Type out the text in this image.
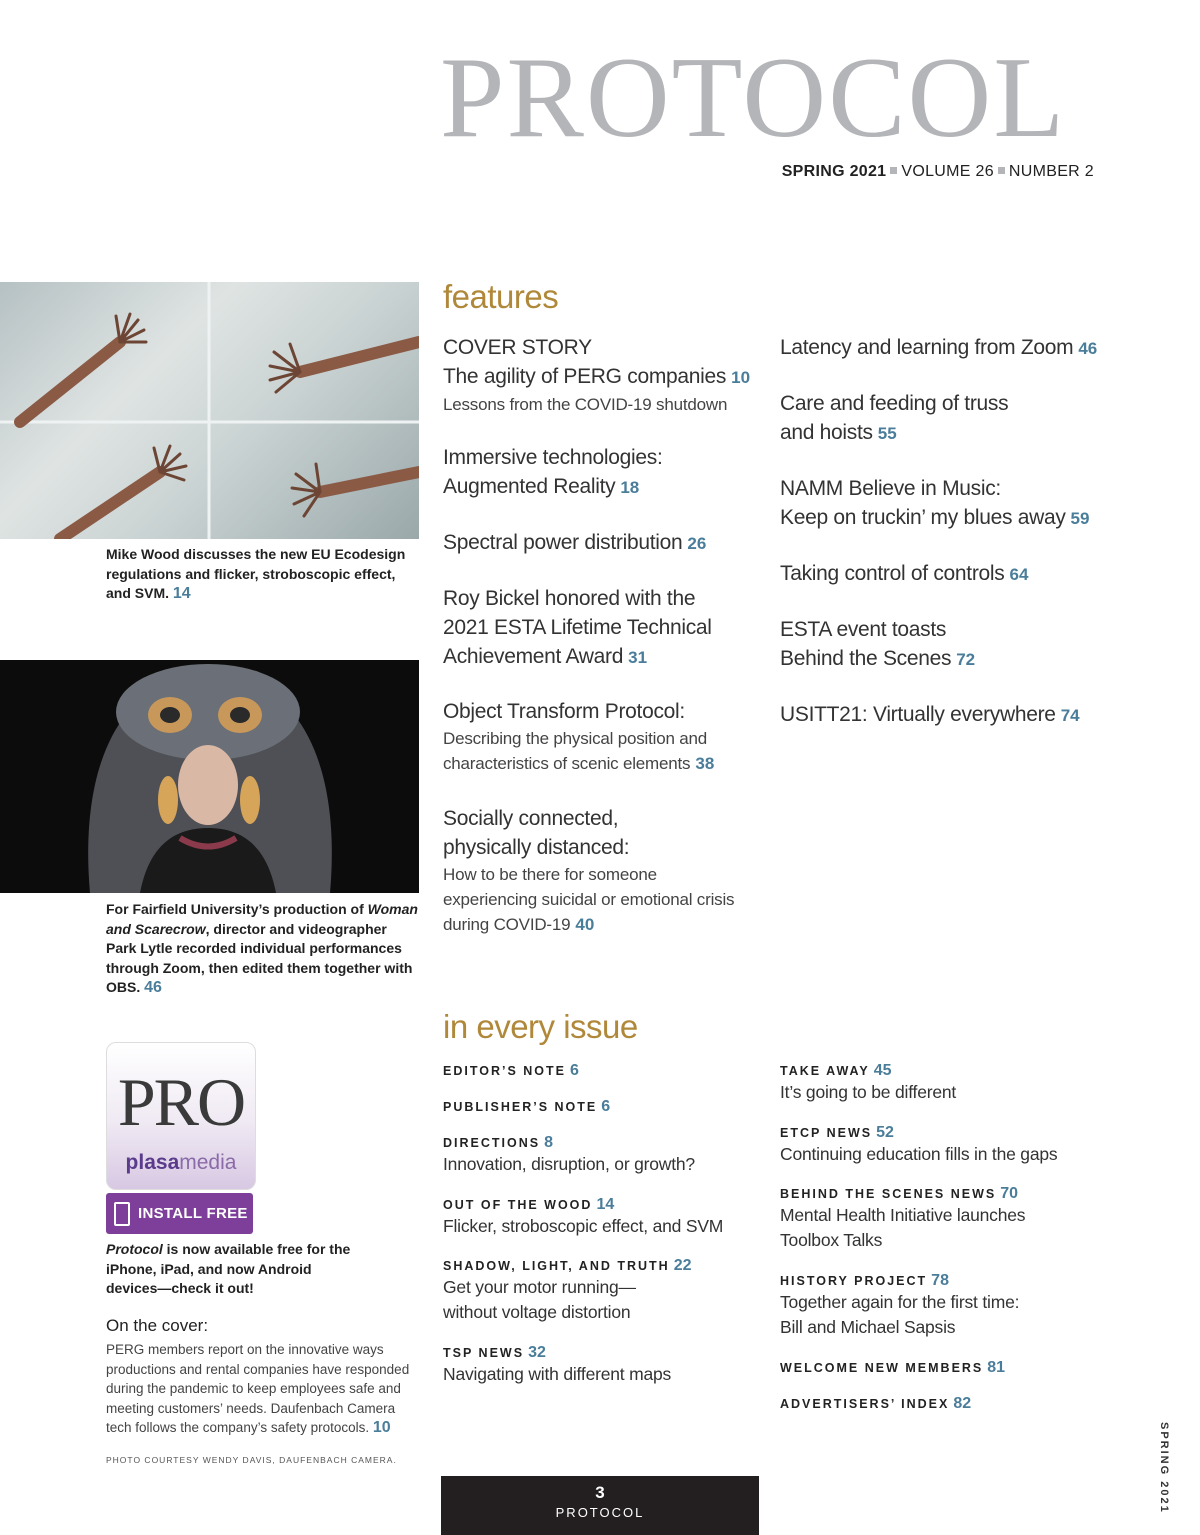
PROTOCOL
SPRING 2021 VOLUME 26 NUMBER 2
Mike Wood discusses the new EU Ecodesign regulations and flicker, stroboscopic effect, and SVM. 14
For Fairfield University’s production of Woman and Scarecrow, director and videographer Park Lytle recorded individual performances through Zoom, then edited them together with OBS. 46
PRO
plasamedia
INSTALL FREE
Protocol is now available free for the iPhone, iPad, and now Android devices—check it out!
On the cover:
PERG members report on the innovative ways productions and rental companies have responded during the pandemic to keep employees safe and meeting customers’ needs. Daufenbach Camera tech follows the company’s safety protocols. 10
PHOTO COURTESY WENDY DAVIS, DAUFENBACH CAMERA.
features
COVER STORY
The agility of PERG companies 10
Lessons from the COVID-19 shutdown
Immersive technologies:
Augmented Reality 18
Spectral power distribution 26
Roy Bickel honored with the
2021 ESTA Lifetime Technical
Achievement Award 31
Object Transform Protocol:
Describing the physical position and
characteristics of scenic elements 38
Socially connected,
physically distanced:
How to be there for someone
experiencing suicidal or emotional crisis
during COVID-19 40
Latency and learning from Zoom 46
Care and feeding of truss
and hoists 55
NAMM Believe in Music:
Keep on truckin’ my blues away 59
Taking control of controls 64
ESTA event toasts
Behind the Scenes 72
USITT21: Virtually everywhere 74
in every issue
EDITOR’S NOTE 6
PUBLISHER’S NOTE 6
DIRECTIONS 8
Innovation, disruption, or growth?
OUT OF THE WOOD 14
Flicker, stroboscopic effect, and SVM
SHADOW, LIGHT, AND TRUTH 22
Get your motor running—
without voltage distortion
TSP NEWS 32
Navigating with different maps
TAKE AWAY 45
It’s going to be different
ETCP NEWS 52
Continuing education fills in the gaps
BEHIND THE SCENES NEWS 70
Mental Health Initiative launches
Toolbox Talks
HISTORY PROJECT 78
Together again for the first time:
Bill and Michael Sapsis
WELCOME NEW MEMBERS 81
ADVERTISERS’ INDEX 82
3
PROTOCOL	SPRING 2021
